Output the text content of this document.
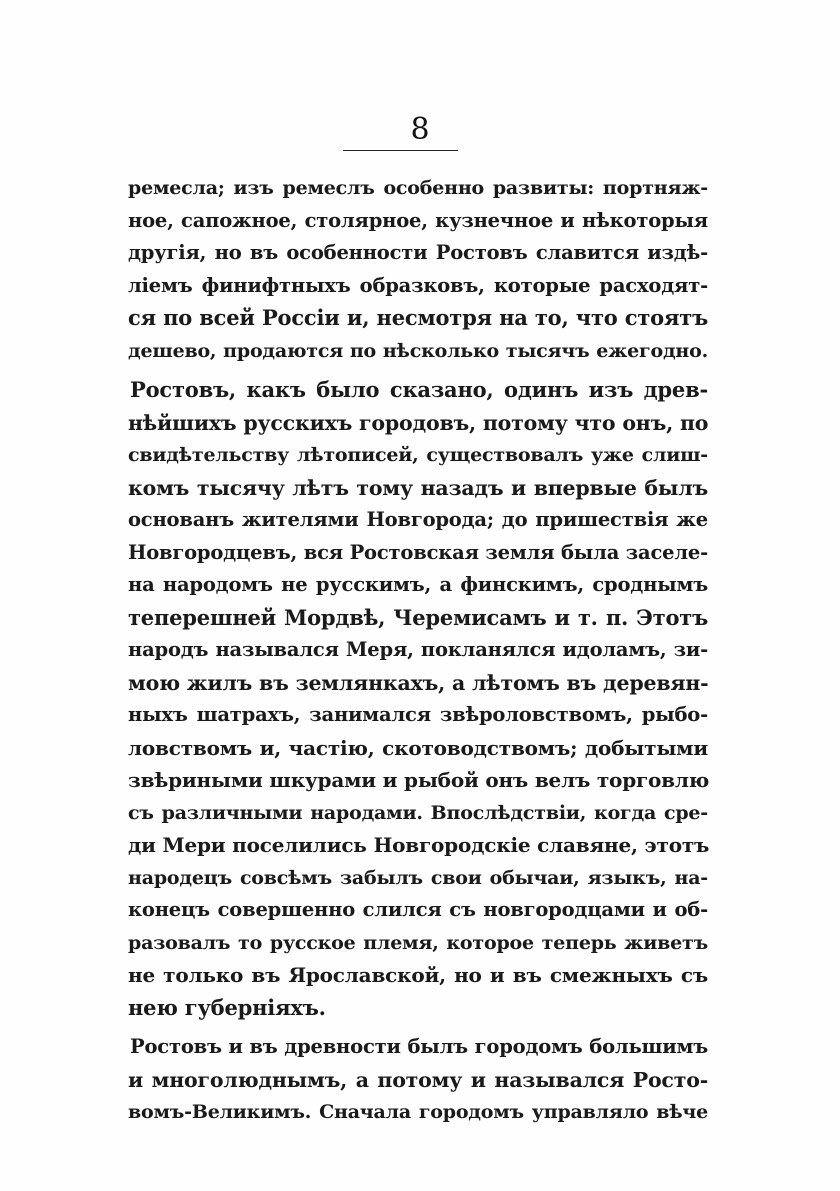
8
ремесла; изъ ремеслъ особенно развиты: портняж-
ное, сапожное, столярное, кузнечное и нѣкоторыя
другія, но въ особенности Ростовъ славится издѣ-
ліемъ финифтныхъ образковъ, которые расходят-
ся по всей Россіи и, несмотря на то, что стоятъ
дешево, продаются по нѣсколько тысячъ ежегодно.
Ростовъ, какъ было сказано, одинъ изъ древ-
нѣйшихъ русскихъ городовъ, потому что онъ, по
свидѣтельству лѣтописей, существовалъ уже слиш-
комъ тысячу лѣтъ тому назадъ и впервые былъ
основанъ жителями Новгорода; до пришествія же
Новгородцевъ, вся Ростовская земля была заселе-
на народомъ не русскимъ, а финскимъ, сроднымъ
теперешней Мордвѣ, Черемисамъ и т. п. Этотъ
народъ назывался Меря, покланялся идоламъ, зи-
мою жилъ въ землянкахъ, а лѣтомъ въ деревян-
ныхъ шатрахъ, занимался звѣроловствомъ, рыбо-
ловствомъ и, частію, скотоводствомъ; добытыми
звѣриными шкурами и рыбой онъ велъ торговлю
съ различными народами. Впослѣдствіи, когда сре-
ди Мери поселились Новгородскіе славяне, этотъ
народецъ совсѣмъ забылъ свои обычаи, языкъ, на-
конецъ совершенно слился съ новгородцами и об-
разовалъ то русское племя, которое теперь живетъ
не только въ Ярославской, но и въ смежныхъ съ
нею губерніяхъ.
Ростовъ и въ древности былъ городомъ большимъ
и многолюднымъ, а потому и назывался Росто-
вомъ-Великимъ. Сначала городомъ управляло вѣче
